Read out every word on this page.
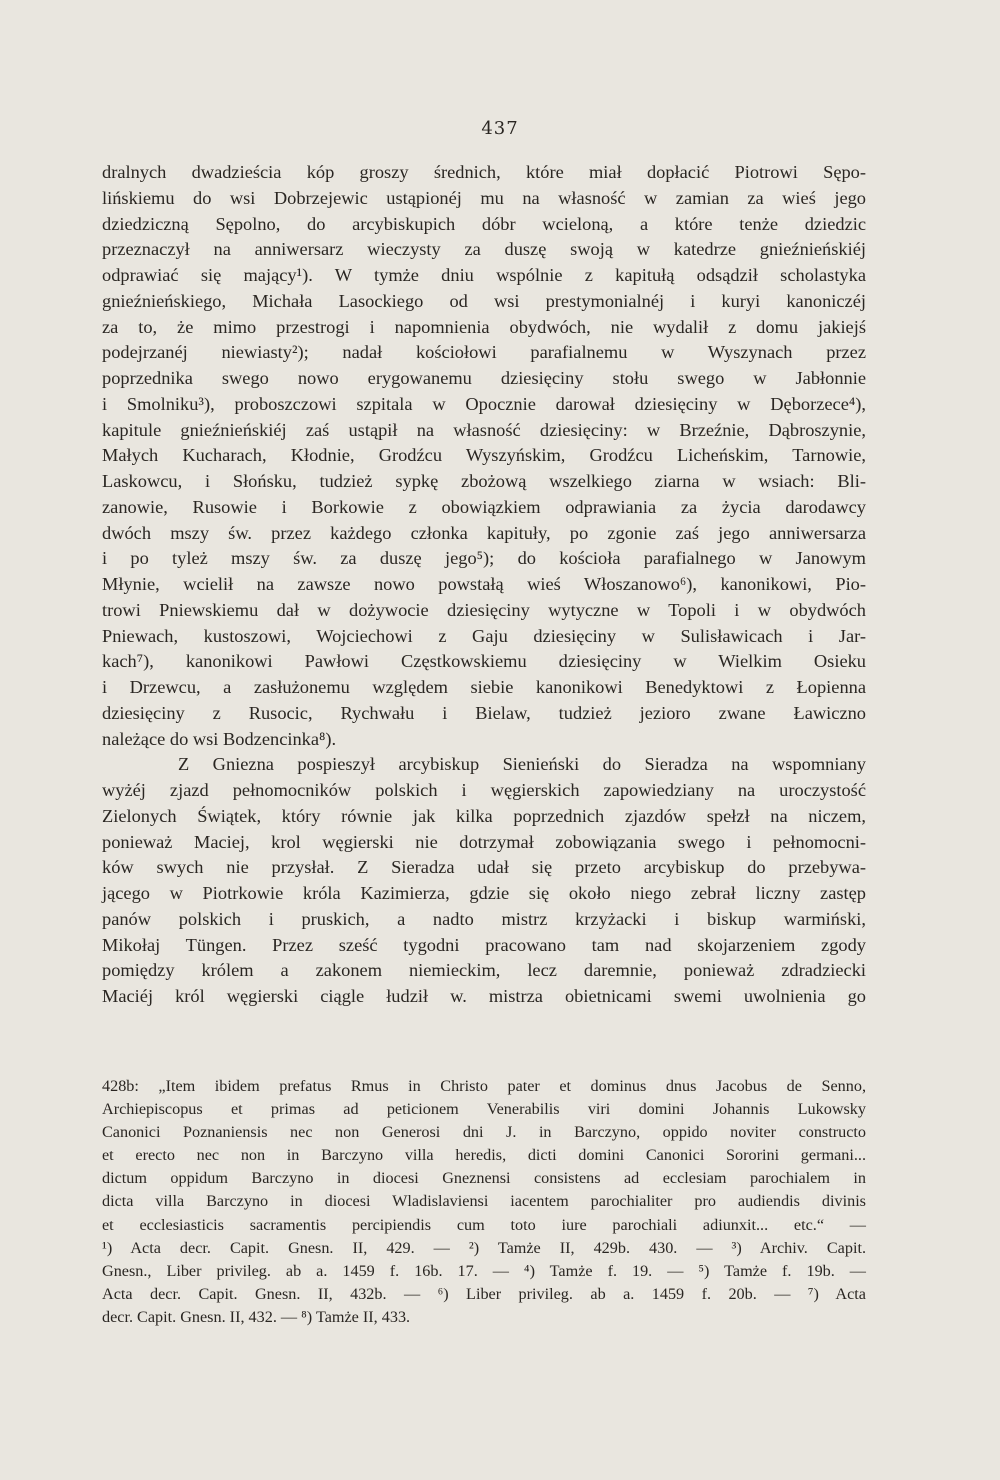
437
dralnych dwadzieścia kóp groszy średnich, które miał dopłacić Piotrowi Sępo-
lińskiemu do wsi Dobrzejewic ustąpionéj mu na własność w zamian za wieś jego
dziedziczną Sępolno, do arcybiskupich dóbr wcieloną, a które tenże dziedzic
przeznaczył na anniwersarz wieczysty za duszę swoją w katedrze gnieźnieńskiéj
odprawiać się mający¹). W tymże dniu wspólnie z kapitułą odsądził scholastyka
gnieźnieńskiego, Michała Lasockiego od wsi prestymonialnéj i kuryi kanoniczéj
za to, że mimo przestrogi i napomnienia obydwóch, nie wydalił z domu jakiejś
podejrzanéj niewiasty²); nadał kościołowi parafialnemu w Wyszynach przez
poprzednika swego nowo erygowanemu dziesięciny stołu swego w Jabłonnie
i Smolniku³), proboszczowi szpitala w Opocznie darował dziesięciny w Dęborzece⁴),
kapitule gnieźnieńskiéj zaś ustąpił na własność dziesięciny: w Brzeźnie, Dąbroszynie,
Małych Kucharach, Kłodnie, Grodźcu Wyszyńskim, Grodźcu Licheńskim, Tarnowie,
Laskowcu, i Słońsku, tudzież sypkę zbożową wszelkiego ziarna w wsiach: Bli-
zanowie, Rusowie i Borkowie z obowiązkiem odprawiania za życia darodawcy
dwóch mszy św. przez każdego członka kapituły, po zgonie zaś jego anniwersarza
i po tyleż mszy św. za duszę jego⁵); do kościoła parafialnego w Janowym
Młynie, wcielił na zawsze nowo powstałą wieś Włoszanowo⁶), kanonikowi, Pio-
trowi Pniewskiemu dał w dożywocie dziesięciny wytyczne w Topoli i w obydwóch
Pniewach, kustoszowi, Wojciechowi z Gaju dziesięciny w Sulisławicach i Jar-
kach⁷), kanonikowi Pawłowi Częstkowskiemu dziesięciny w Wielkim Osieku
i Drzewcu, a zasłużonemu względem siebie kanonikowi Benedyktowi z Łopienna
dziesięciny z Rusocic, Rychwału i Bielaw, tudzież jezioro zwane Ławiczno
należące do wsi Bodzencinka⁸).
Z Gniezna pospieszył arcybiskup Sienieński do Sieradza na wspomniany
wyżéj zjazd pełnomocników polskich i węgierskich zapowiedziany na uroczystość
Zielonych Świątek, który równie jak kilka poprzednich zjazdów spełzł na niczem,
ponieważ Maciej, krol węgierski nie dotrzymał zobowiązania swego i pełnomocni-
ków swych nie przysłał. Z Sieradza udał się przeto arcybiskup do przebywa-
jącego w Piotrkowie króla Kazimierza, gdzie się około niego zebrał liczny zastęp
panów polskich i pruskich, a nadto mistrz krzyżacki i biskup warmiński,
Mikołaj Tüngen. Przez sześć tygodni pracowano tam nad skojarzeniem zgody
pomiędzy królem a zakonem niemieckim, lecz daremnie, ponieważ zdradziecki
Maciéj król węgierski ciągle łudził w. mistrza obietnicami swemi uwolnienia go
428b: „Item ibidem prefatus Rmus in Christo pater et dominus dnus Jacobus de Senno,
Archiepiscopus et primas ad peticionem Venerabilis viri domini Johannis Lukowsky
Canonici Poznaniensis nec non Generosi dni J. in Barczyno, oppido noviter constructo
et erecto nec non in Barczyno villa heredis, dicti domini Canonici Sororini germani...
dictum oppidum Barczyno in diocesi Gneznensi consistens ad ecclesiam parochialem in
dicta villa Barczyno in diocesi Wladislaviensi iacentem parochialiter pro audiendis divinis
et ecclesiasticis sacramentis percipiendis cum toto iure parochiali adiunxit... etc.“ —
¹) Acta decr. Capit. Gnesn. II, 429. — ²) Tamże II, 429b. 430. — ³) Archiv. Capit.
Gnesn., Liber privileg. ab a. 1459 f. 16b. 17. — ⁴) Tamże f. 19. — ⁵) Tamże f. 19b. —
Acta decr. Capit. Gnesn. II, 432b. — ⁶) Liber privileg. ab a. 1459 f. 20b. — ⁷) Acta
decr. Capit. Gnesn. II, 432. — ⁸) Tamże II, 433.
